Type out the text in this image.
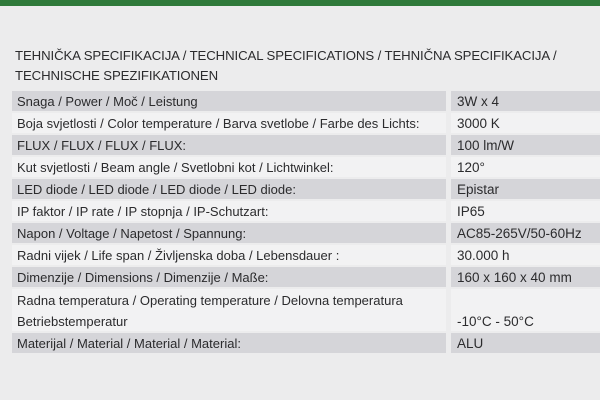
TEHNIČKA SPECIFIKACIJA / TECHNICAL SPECIFICATIONS / TEHNIČNA SPECIFIKACIJA /
TECHNISCHE SPEZIFIKATIONEN
Snaga / Power / Moč / Leistung	3W x 4
Boja svjetlosti / Color temperature / Barva svetlobe / Farbe des Lichts:	3000 K
FLUX / FLUX / FLUX / FLUX:	100 lm/W
Kut svjetlosti / Beam angle / Svetlobni kot / Lichtwinkel:	120°
LED diode / LED diode / LED diode / LED diode:	Epistar
IP faktor / IP rate / IP stopnja / IP-Schutzart:	IP65
Napon / Voltage / Napetost / Spannung:	AC85-265V/50-60Hz
Radni vijek / Life span / Življenska doba / Lebensdauer :	30.000 h
Dimenzije / Dimensions / Dimenzije / Maße:	160 x 160 x 40 mm
Radna temperatura / Operating temperature / Delovna temperatura
Betriebstemperatur	-10°C - 50°C
Materijal / Material / Material / Material:	ALU
